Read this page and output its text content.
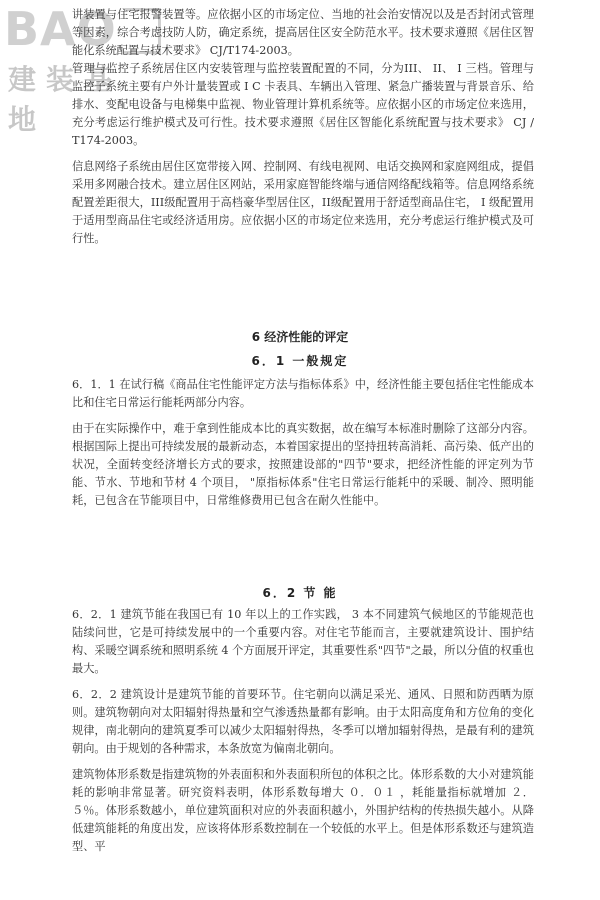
BAO
建装基地

讲装置与住宅报警装置等。应依据小区的市场定位、当地的社会治安情况以及是否封闭式管理等因素，综合考虑技防人防，确定系统，提高居住区安全防范水平。技术要求遵照《居住区智能化系统配置与技术要求》 CJ/T174-2003。

管理与监控子系统居住区内安装管理与监控装置配置的不同，分为III、 II、 I 三档。管理与监控子系统主要有户外计量装置或 I C 卡表具、车辆出入管理、紧急广播装置与背景音乐、给排水、变配电设备与电梯集中监视、物业管理计算机系统等。应依据小区的市场定位来选用，充分考虑运行维护模式及可行性。技术要求遵照《居住区智能化系统配置与技术要求》 CJ / T174-2003。

信息网络子系统由居住区宽带接入网、控制网、有线电视网、电话交换网和家庭网组成，提倡采用多网融合技术。建立居住区网站，采用家庭智能终端与通信网络配线箱等。信息网络系统配置差距很大，III级配置用于高档豪华型居住区，II级配置用于舒适型商品住宅， I 级配置用于适用型商品住宅或经济适用房。应依据小区的市场定位来选用，充分考虑运行维护模式及可行性。

6 经济性能的评定
6．1 一般规定

6．1．1 在试行稿《商品住宅性能评定方法与指标体系》中，经济性能主要包括住宅性能成本比和住宅日常运行能耗两部分内容。

由于在实际操作中，难于拿到性能成本比的真实数据，故在编写本标准时删除了这部分内容。根据国际上提出可持续发展的最新动态，本着国家提出的坚持扭转高消耗、高污染、低产出的状况，全面转变经济增长方式的要求，按照建设部的"四节"要求，把经济性能的评定列为节能、节水、节地和节材 4 个项目， "原指标体系"住宅日常运行能耗中的采暖、制冷、照明能耗，已包含在节能项目中，日常维修费用已包含在耐久性能中。

6．2 节 能

6．2．1 建筑节能在我国已有 10 年以上的工作实践， 3 本不同建筑气候地区的节能规范也陆续问世，它是可持续发展中的一个重要内容。对住宅节能而言，主要就建筑设计、围护结构、采暖空调系统和照明系统 4 个方面展开评定，其重要性系"四节"之最，所以分值的权重也最大。

6．2．2 建筑设计是建筑节能的首要环节。住宅朝向以满足采光、通风、日照和防西晒为原则。建筑物朝向对太阳辐射得热量和空气渗透热量都有影响。由于太阳高度角和方位角的变化规律，南北朝向的建筑夏季可以减少太阳辐射得热，冬季可以增加辐射得热，是最有利的建筑朝向。由于规划的各种需求，本条放宽为偏南北朝向。

建筑物体形系数是指建筑物的外表面积和外表面积所包的体积之比。体形系数的大小对建筑能耗的影响非常显著。研究资料表明，体形系数每增大 ０．０１ ，耗能量指标就增加 ２．５％。体形系数越小，单位建筑面积对应的外表面积越小，外围护结构的传热损失越小。从降低建筑能耗的角度出发，应该将体形系数控制在一个较低的水平上。但是体形系数还与建筑造型、平
